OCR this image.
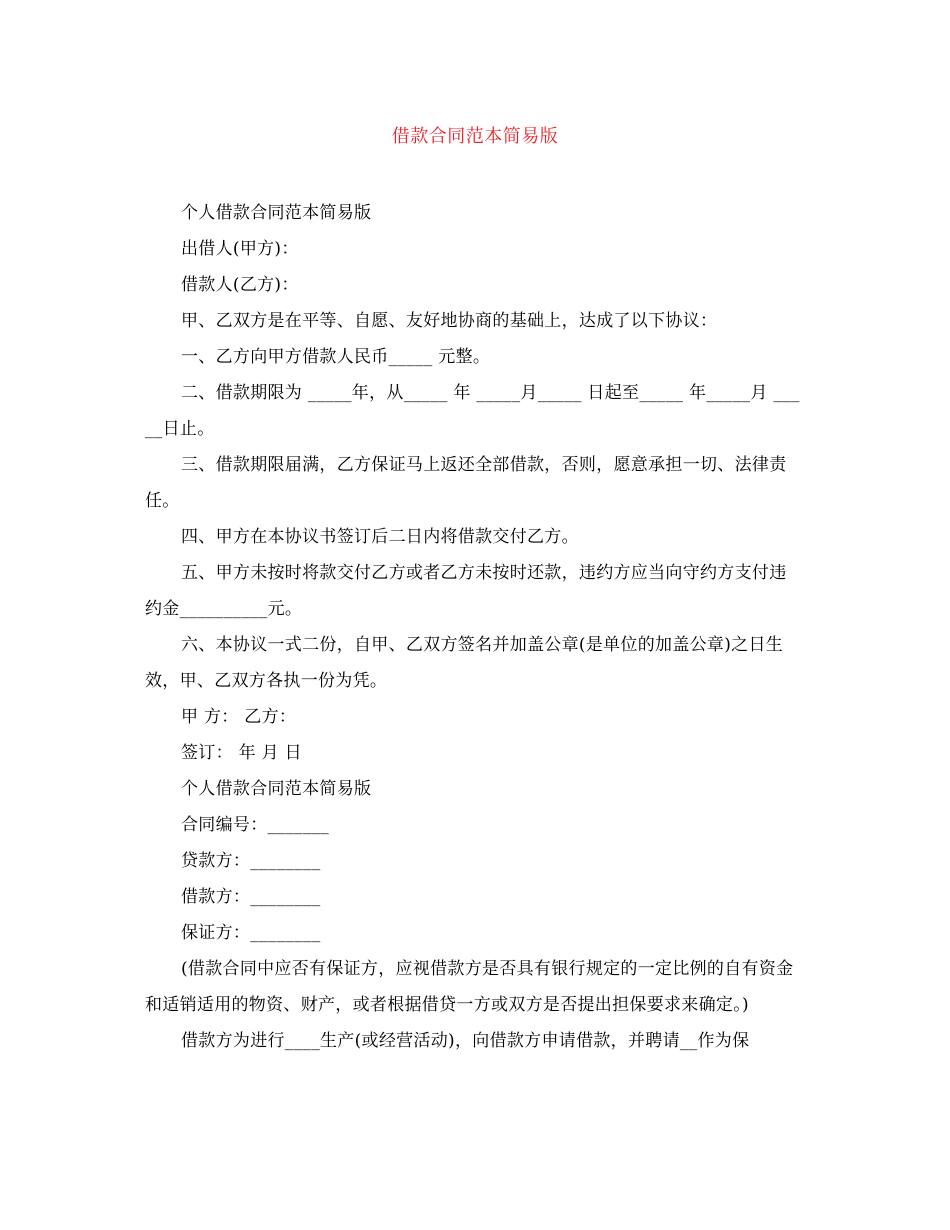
借款合同范本简易版

个人借款合同范本简易版

出借人(甲方)：

借款人(乙方)：

甲、乙双方是在平等、自愿、友好地协商的基础上，达成了以下协议：

一、乙方向甲方借款人民币_____ 元整。

二、借款期限为 _____年，从_____ 年 _____月_____ 日起至_____ 年_____月 _____日止。

三、借款期限届满，乙方保证马上返还全部借款，否则，愿意承担一切、法律责任。

四、甲方在本协议书签订后二日内将借款交付乙方。

五、甲方未按时将款交付乙方或者乙方未按时还款，违约方应当向守约方支付违约金__________元。

六、本协议一式二份，自甲、乙双方签名并加盖公章(是单位的加盖公章)之日生效，甲、乙双方各执一份为凭。

甲 方： 乙方：

签订： 年 月 日

个人借款合同范本简易版

合同编号：_______

贷款方：________

借款方：________

保证方：________

(借款合同中应否有保证方，应视借款方是否具有银行规定的一定比例的自有资金和适销适用的物资、财产，或者根据借贷一方或双方是否提出担保要求来确定。)

借款方为进行____生产(或经营活动)，向借款方申请借款，并聘请__作为保
